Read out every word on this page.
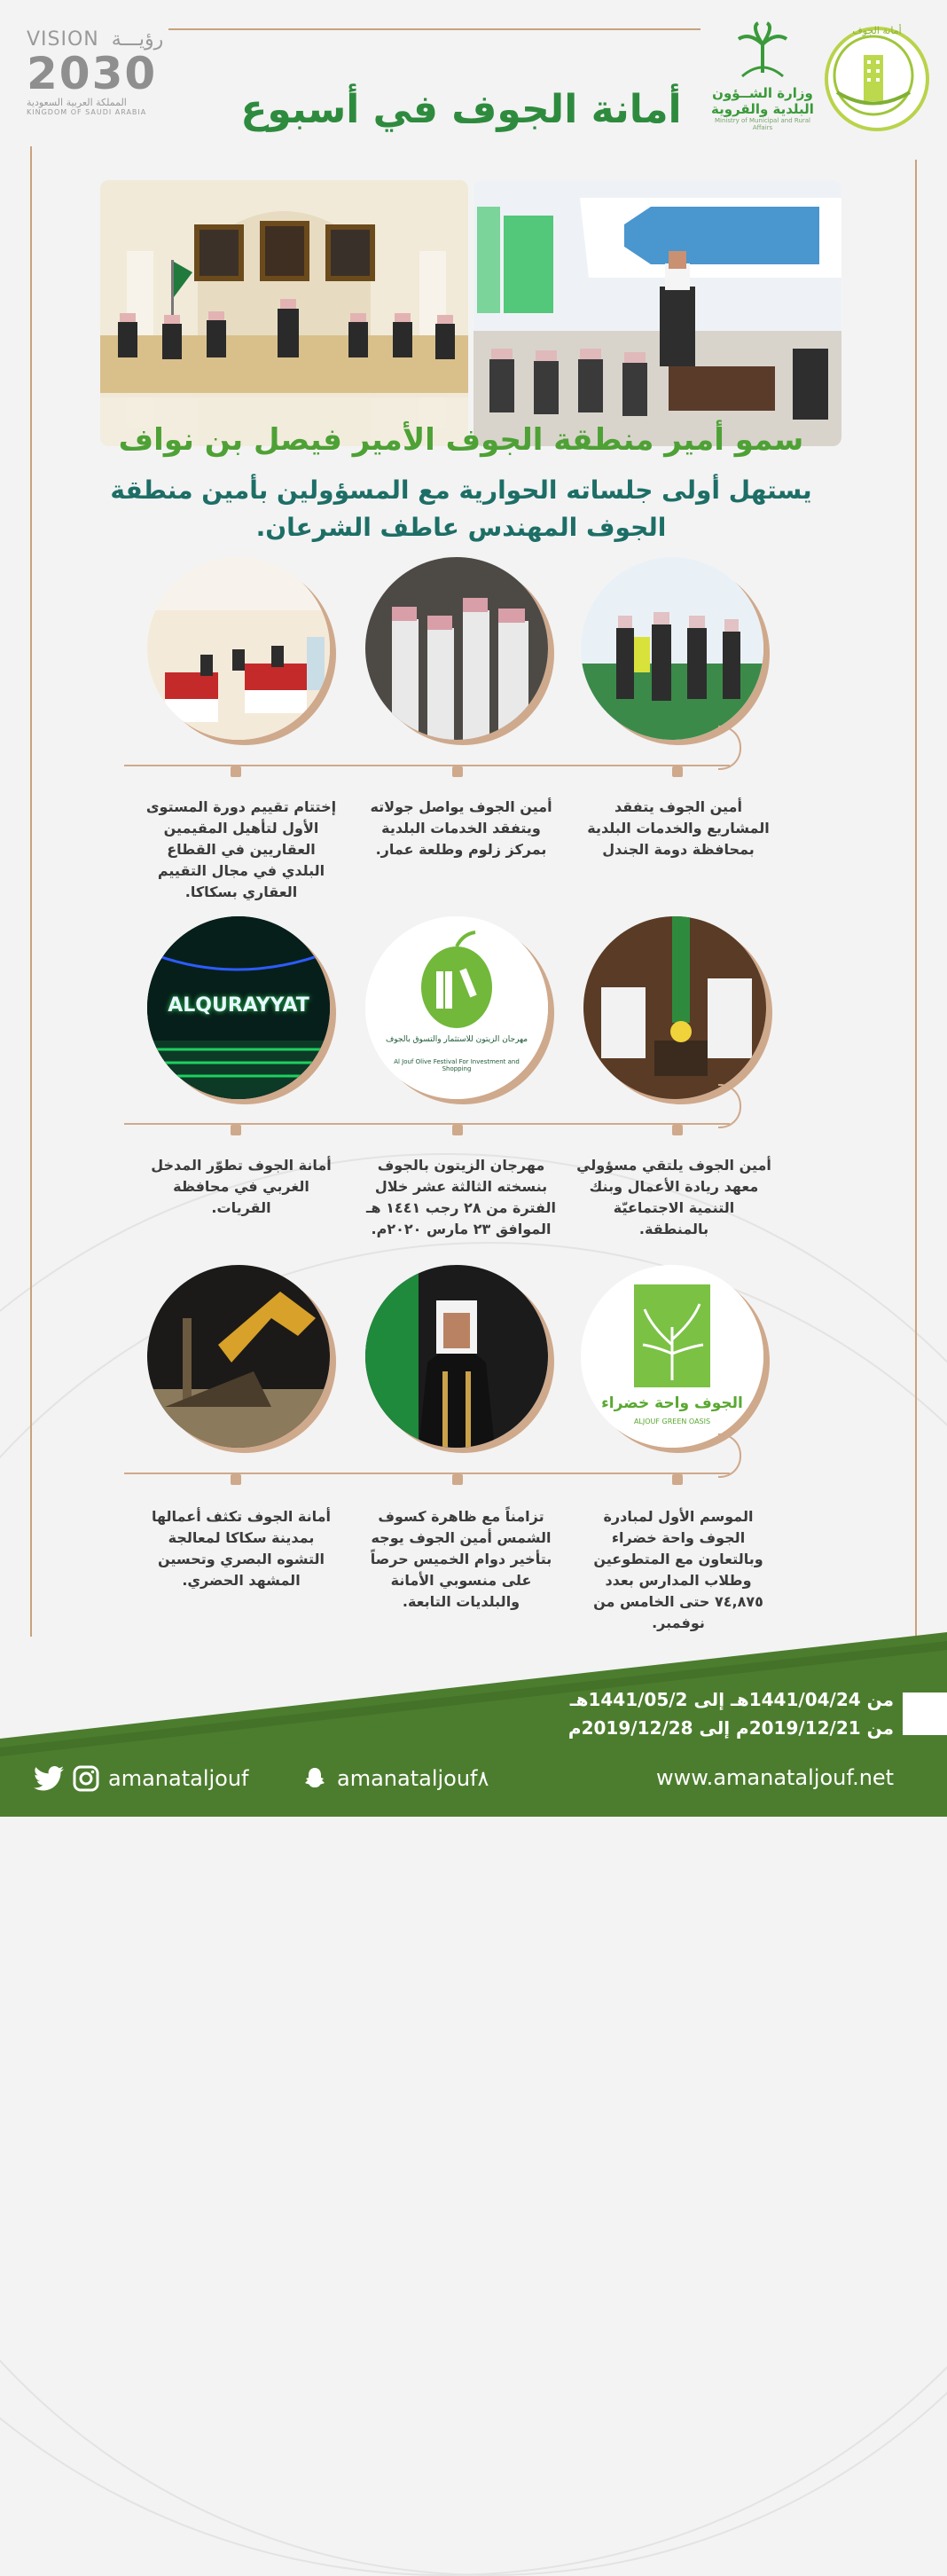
VISION رؤيـــة
2030
المملكة العربية السعودية
KINGDOM OF SAUDI ARABIA	أمانة الجوف في أسبوع	وزارة الشــؤون
البلدية والقروية
Ministry of Municipal and Rural Affairs
أمانة الجوف
سمو أمير منطقة الجوف الأمير فيصل بن نواف
يستهل أولى جلساته الحوارية مع المسؤولين بأمين منطقة
الجوف المهندس عاطف الشرعان.
أمين الجوف يتفقد المشاريع والخدمات البلدية بمحافظة دومة الجندل
أمين الجوف يواصل جولاته ويتفقد الخدمات البلدية بمركز زلوم وطلعة عمار.
إختتام تقييم دورة المستوى الأول لتأهيل المقيمين العقاريين في القطاع البلدي في مجال التقييم العقاري بسكاكا.
مهرجان الزيتون للاستثمار والتسوق بالجوف
Al Jouf Olive Festival For Investment and Shopping
ALQURAYYAT
أمين الجوف يلتقي مسؤولي معهد ريادة الأعمال وبنك التنمية الاجتماعيّة بالمنطقة.
مهرجان الزيتون بالجوف بنسخته الثالثة عشر خلال الفترة من ٢٨ رجب ١٤٤١ هـ الموافق ٢٣ مارس ٢٠٢٠م.
أمانة الجوف تطوّر المدخل الغربي في محافظة القريات.
الجوف واحة خضراء
ALJOUF GREEN OASIS
الموسم الأول لمبادرة الجوف واحة خضراء وبالتعاون مع المتطوعين وطلاب المدارس بعدد ٧٤,٨٧٥ حتى الخامس من نوفمبر.
تزامناً مع ظاهرة كسوف الشمس أمين الجوف يوجه بتأخير دوام الخميس حرصاً على منسوبي الأمانة والبلديات التابعة.
أمانة الجوف تكثف أعمالها بمدينة سكاكا لمعالجة التشوه البصري وتحسين المشهد الحضري.
من 1441/04/24هـ إلى 1441/05/2هـ
من 2019/12/21م إلى 2019/12/28م
amanataljouf	amanataljouf٨	www.amanataljouf.net
